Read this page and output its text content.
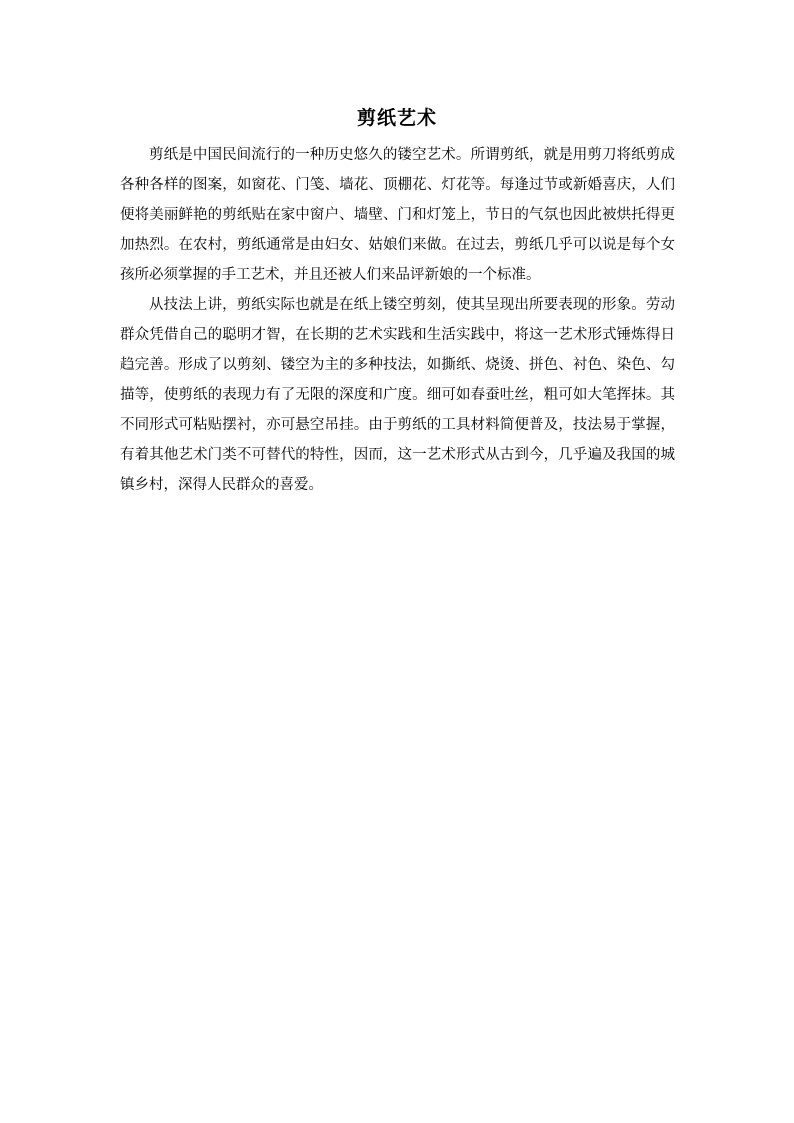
剪纸艺术

剪纸是中国民间流行的一种历史悠久的镂空艺术。所谓剪纸，就是用剪刀将纸剪成各种各样的图案，如窗花、门笺、墙花、顶棚花、灯花等。每逢过节或新婚喜庆，人们便将美丽鲜艳的剪纸贴在家中窗户、墙壁、门和灯笼上，节日的气氛也因此被烘托得更加热烈。在农村，剪纸通常是由妇女、姑娘们来做。在过去，剪纸几乎可以说是每个女孩所必须掌握的手工艺术，并且还被人们来品评新娘的一个标准。

从技法上讲，剪纸实际也就是在纸上镂空剪刻，使其呈现出所要表现的形象。劳动群众凭借自己的聪明才智，在长期的艺术实践和生活实践中，将这一艺术形式锤炼得日趋完善。形成了以剪刻、镂空为主的多种技法，如撕纸、烧烫、拼色、衬色、染色、勾描等，使剪纸的表现力有了无限的深度和广度。细可如春蚕吐丝，粗可如大笔挥抹。其不同形式可粘贴摆衬，亦可悬空吊挂。由于剪纸的工具材料简便普及，技法易于掌握，有着其他艺术门类不可替代的特性，因而，这一艺术形式从古到今，几乎遍及我国的城镇乡村，深得人民群众的喜爱。
